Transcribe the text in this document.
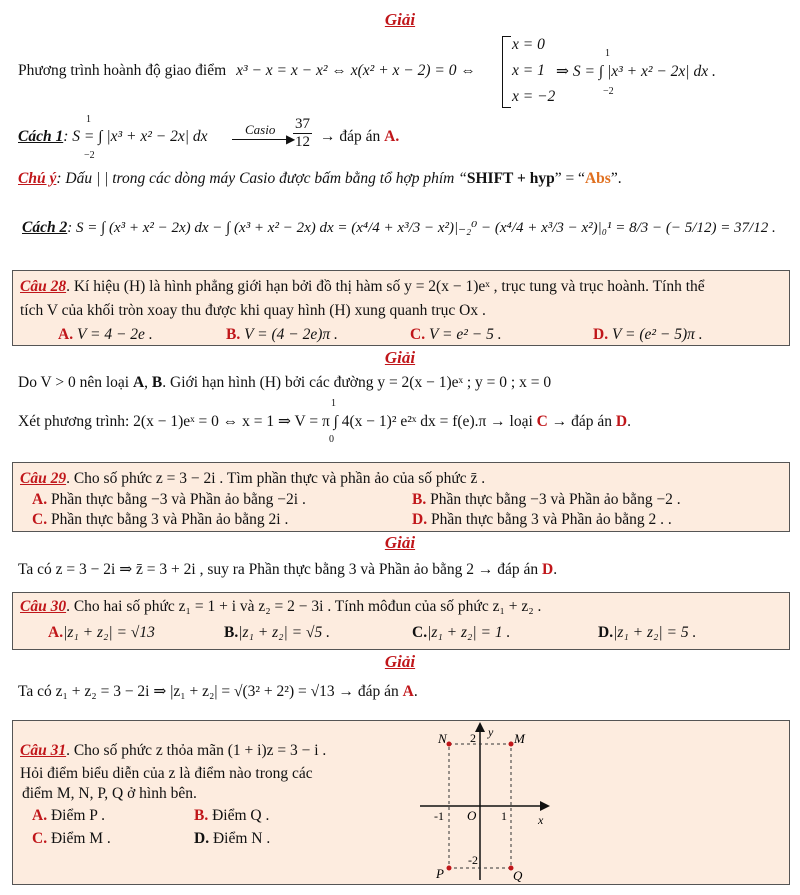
Giải
Phương trình hoành độ giao điểm x³ − x = x − x² ⇔ x(x² + x − 2) = 0 ⇔
x = 0
x = 1
x = −2
⇒ S = ∫ |x³ + x² − 2x| dx .
1
−2
Cách 1: S = ∫ |x³ + x² − 2x| dx
1
−2
Casio
▶
$\frac{37}{12}$ → đáp án A.
Chú ý: Dấu | | trong các dòng máy Casio được bấm bằng tổ hợp phím “SHIFT + hyp” = “Abs”.
Cách 2: S = ∫ (x³ + x² − 2x) dx − ∫ (x³ + x² − 2x) dx = (x⁴/4 + x³/3 − x²)|₋₂⁰ − (x⁴/4 + x³/3 − x²)|₀¹ = 8/3 − (− 5/12) = 37/12 .
Câu 28. Kí hiệu (H) là hình phẳng giới hạn bởi đồ thị hàm số y = 2(x − 1)eˣ , trục tung và trục hoành. Tính thể
tích V của khối tròn xoay thu được khi quay hình (H) xung quanh trục Ox .
A. V = 4 − 2e .	B. V = (4 − 2e)π .	C. V = e² − 5 .	D. V = (e² − 5)π .
Giải
Do V > 0 nên loại A, B. Giới hạn hình (H) bởi các đường y = 2(x − 1)eˣ ; y = 0 ; x = 0
Xét phương trình: 2(x − 1)eˣ = 0 ⇔ x = 1 ⇒ V = π ∫ 4(x − 1)² e²ˣ dx = f(e).π → loại C → đáp án D.
1
0
Câu 29. Cho số phức z = 3 − 2i . Tìm phần thực và phần ảo của số phức z̄ .
A. Phần thực bằng −3 và Phần ảo bằng −2i .	B. Phần thực bằng −3 và Phần ảo bằng −2 .
C. Phần thực bằng 3 và Phần ảo bằng 2i .	D. Phần thực bằng 3 và Phần ảo bằng 2 . .
Giải
Ta có z = 3 − 2i ⇒ z̄ = 3 + 2i , suy ra Phần thực bằng 3 và Phần ảo bằng 2 → đáp án D.
Câu 30. Cho hai số phức z₁ = 1 + i và z₂ = 2 − 3i . Tính môđun của số phức z₁ + z₂ .
A.|z₁ + z₂| = √13	B.|z₁ + z₂| = √5 .	C.|z₁ + z₂| = 1 .	D.|z₁ + z₂| = 5 .
Giải
Ta có z₁ + z₂ = 3 − 2i ⇒ |z₁ + z₂| = √(3² + 2²) = √13 → đáp án A.
Câu 31. Cho số phức z thỏa mãn (1 + i)z = 3 − i .
Hỏi điểm biểu diễn của z là điểm nào trong các
điểm M, N, P, Q ở hình bên.
A. Điểm P .	B. Điểm Q .
C. Điểm M .	D. Điểm N .
N	M
P	Q
y
x
O
2
-2
-1	1
